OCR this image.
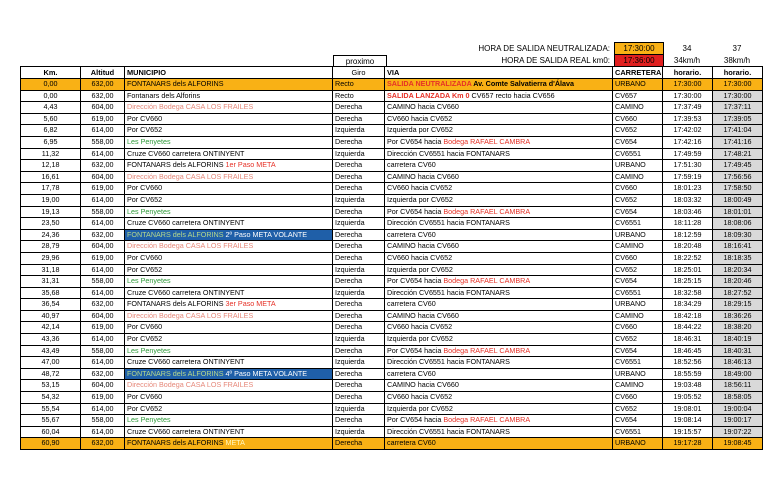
HORA DE SALIDA NEUTRALIZADA:	17:30:00	34	37
HORA DE SALIDA REAL km0:	17:36:00	34km/h	38km/h
proximo
Km.	Altitud	MUNICIPIO	Giro	VIA	CARRETERA	horario.	horario.
0,00	632,00	FONTANARS dels ALFORINS	Recto	SALIDA NEUTRALIZADA Av. Comte Salvatierra d'Álava	URBANO	17:30:00	17:30:00
0,00	632,00	Fontanars dels Alforins	Recto	SALIDA LANZADA Km 0 CV657 recto hacia CV656	CV657	17:30:00	17:30:00
4,43	604,00	Dirección Bodega CASA LOS FRAILES	Derecha	CAMINO hacia CV660	CAMINO	17:37:49	17:37:11
5,60	619,00	Por CV660	Derecha	CV660 hacia CV652	CV660	17:39:53	17:39:05
6,82	614,00	Por CV652	Izquierda	Izquierda por CV652	CV652	17:42:02	17:41:04
6,95	558,00	Les Penyetes	Derecha	Por CV654 hacia Bodega RAFAEL CAMBRA	CV654	17:42:16	17:41:16
11,32	614,00	Cruze CV660 carretera ONTINYENT	Izquierda	Dirección CV6551 hacia FONTANARS	CV6551	17:49:59	17:48:21
12,18	632,00	FONTANARS dels ALFORINS 1er Paso META	Derecha	carretera CV60	URBANO	17:51:30	17:49:45
16,61	604,00	Dirección Bodega CASA LOS FRAILES	Derecha	CAMINO hacia CV660	CAMINO	17:59:19	17:56:56
17,78	619,00	Por CV660	Derecha	CV660 hacia CV652	CV660	18:01:23	17:58:50
19,00	614,00	Por CV652	Izquierda	Izquierda por CV652	CV652	18:03:32	18:00:49
19,13	558,00	Les Penyetes	Derecha	Por CV654 hacia Bodega RAFAEL CAMBRA	CV654	18:03:46	18:01:01
23,50	614,00	Cruze CV660 carretera ONTINYENT	Izquierda	Dirección CV6551 hacia FONTANARS	CV6551	18:11:28	18:08:06
24,36	632,00	FONTANARS dels ALFORINS 2º Paso META VOLANTE	Derecha	carretera CV60	URBANO	18:12:59	18:09:30
28,79	604,00	Dirección Bodega CASA LOS FRAILES	Derecha	CAMINO hacia CV660	CAMINO	18:20:48	18:16:41
29,96	619,00	Por CV660	Derecha	CV660 hacia CV652	CV660	18:22:52	18:18:35
31,18	614,00	Por CV652	Izquierda	Izquierda por CV652	CV652	18:25:01	18:20:34
31,31	558,00	Les Penyetes	Derecha	Por CV654 hacia Bodega RAFAEL CAMBRA	CV654	18:25:15	18:20:46
35,68	614,00	Cruze CV660 carretera ONTINYENT	Izquierda	Dirección CV6551 hacia FONTANARS	CV6551	18:32:58	18:27:52
36,54	632,00	FONTANARS dels ALFORINS 3er Paso META	Derecha	carretera CV60	URBANO	18:34:29	18:29:15
40,97	604,00	Dirección Bodega CASA LOS FRAILES	Derecha	CAMINO hacia CV660	CAMINO	18:42:18	18:36:26
42,14	619,00	Por CV660	Derecha	CV660 hacia CV652	CV660	18:44:22	18:38:20
43,36	614,00	Por CV652	Izquierda	Izquierda por CV652	CV652	18:46:31	18:40:19
43,49	558,00	Les Penyetes	Derecha	Por CV654 hacia Bodega RAFAEL CAMBRA	CV654	18:46:45	18:40:31
47,00	614,00	Cruze CV660 carretera ONTINYENT	Izquierda	Dirección CV6551 hacia FONTANARS	CV6551	18:52:56	18:46:13
48,72	632,00	FONTANARS dels ALFORINS 4º Paso META VOLANTE	Derecha	carretera CV60	URBANO	18:55:59	18:49:00
53,15	604,00	Dirección Bodega CASA LOS FRAILES	Derecha	CAMINO hacia CV660	CAMINO	19:03:48	18:56:11
54,32	619,00	Por CV660	Derecha	CV660 hacia CV652	CV660	19:05:52	18:58:05
55,54	614,00	Por CV652	Izquierda	Izquierda por CV652	CV652	19:08:01	19:00:04
55,67	558,00	Les Penyetes	Derecha	Por CV654 hacia Bodega RAFAEL CAMBRA	CV654	19:08:14	19:00:17
60,04	614,00	Cruze CV660 carretera ONTINYENT	Izquierda	Dirección CV6551 hacia FONTANARS	CV6551	19:15:57	19:07:22
60,90	632,00	FONTANARS dels ALFORINS META	Derecha	carretera CV60	URBANO	19:17:28	19:08:45
